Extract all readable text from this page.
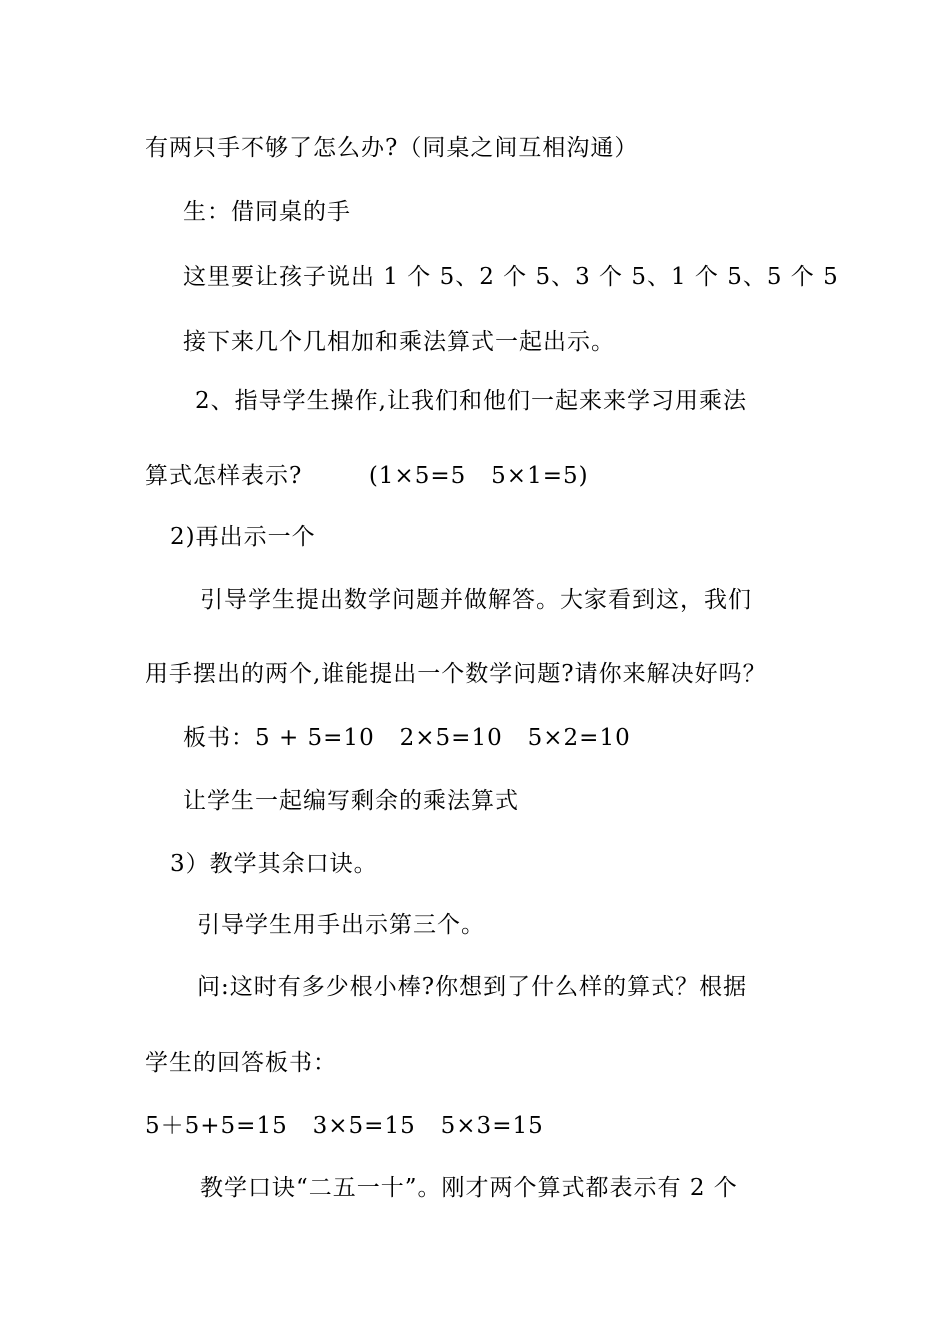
有两只手不够了怎么办?（同桌之间互相沟通）
生：借同桌的手
这里要让孩子说出 1 个 5、2 个 5、3 个 5、1 个 5、5 个 5
接下来几个几相加和乘法算式一起出示。
2、指导学生操作,让我们和他们一起来来学习用乘法
算式怎样表示?        (1×5=5   5×1=5)
2)再出示一个
引导学生提出数学问题并做解答。大家看到这，我们
用手摆出的两个,谁能提出一个数学问题?请你来解决好吗？
板书：5 + 5=10   2×5=10   5×2=10
让学生一起编写剩余的乘法算式
3）教学其余口诀。
引导学生用手出示第三个。
问:这时有多少根小棒?你想到了什么样的算式？根据
学生的回答板书：
5＋5+5=15   3×5=15   5×3=15
教学口诀“二五一十”。刚才两个算式都表示有 2 个
